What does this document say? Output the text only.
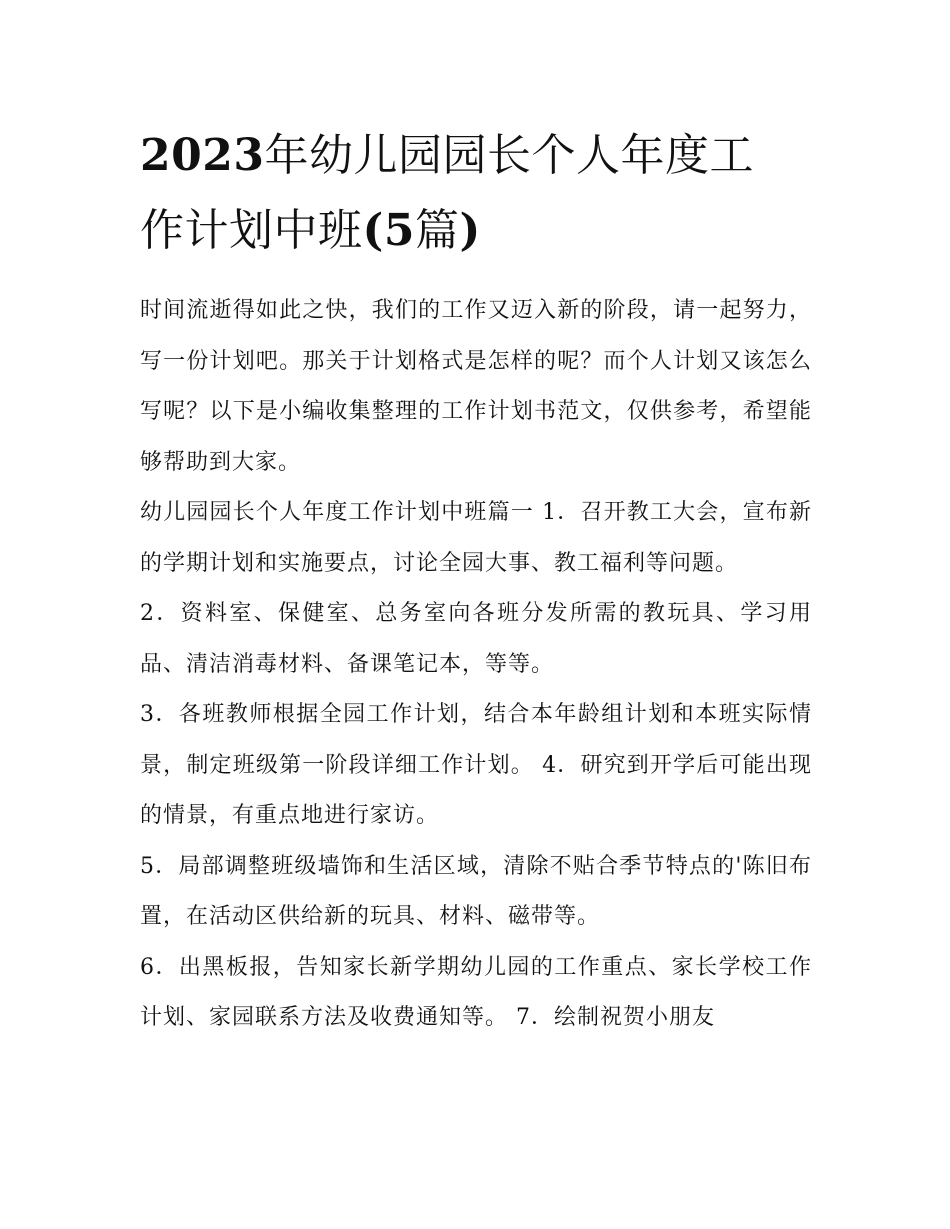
2023年幼儿园园长个人年度工
作计划中班(5篇)

时间流逝得如此之快，我们的工作又迈入新的阶段，请一起努力，写一份计划吧。那关于计划格式是怎样的呢？而个人计划又该怎么写呢？以下是小编收集整理的工作计划书范文，仅供参考，希望能够帮助到大家。

幼儿园园长个人年度工作计划中班篇一 1．召开教工大会，宣布新的学期计划和实施要点，讨论全园大事、教工福利等问题。

2．资料室、保健室、总务室向各班分发所需的教玩具、学习用品、清洁消毒材料、备课笔记本，等等。

3．各班教师根据全园工作计划，结合本年龄组计划和本班实际情景，制定班级第一阶段详细工作计划。 4．研究到开学后可能出现的情景，有重点地进行家访。

5．局部调整班级墙饰和生活区域，清除不贴合季节特点的'陈旧布置，在活动区供给新的玩具、材料、磁带等。

6．出黑板报，告知家长新学期幼儿园的工作重点、家长学校工作计划、家园联系方法及收费通知等。 7．绘制祝贺小朋友
